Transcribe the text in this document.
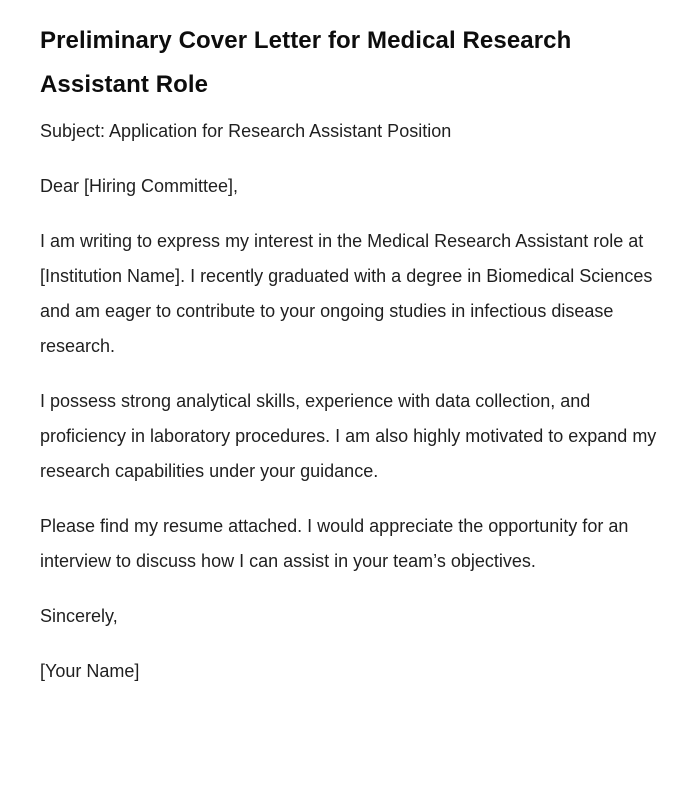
Preliminary Cover Letter for Medical Research Assistant Role

Subject: Application for Research Assistant Position

Dear [Hiring Committee],

I am writing to express my interest in the Medical Research Assistant role at [Institution Name]. I recently graduated with a degree in Biomedical Sciences and am eager to contribute to your ongoing studies in infectious disease research.

I possess strong analytical skills, experience with data collection, and proficiency in laboratory procedures. I am also highly motivated to expand my research capabilities under your guidance.

Please find my resume attached. I would appreciate the opportunity for an interview to discuss how I can assist in your team’s objectives.

Sincerely,

[Your Name]
